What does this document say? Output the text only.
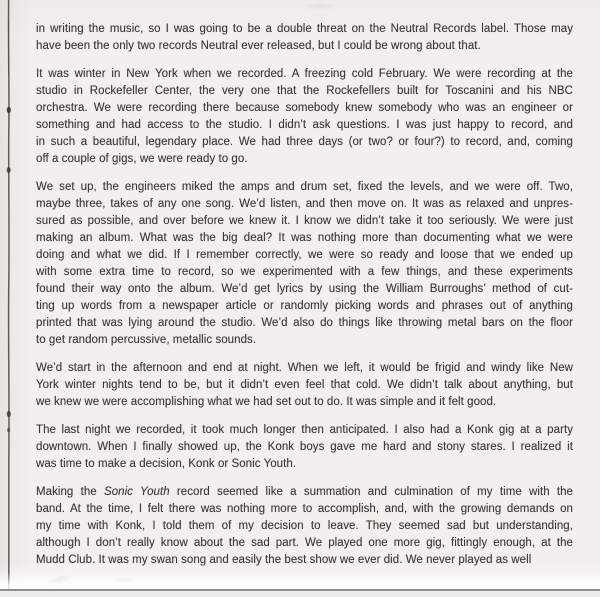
in writing the music, so I was going to be a double threat on the Neutral Records label. Those may
have been the only two records Neutral ever released, but I could be wrong about that.

It was winter in New York when we recorded. A freezing cold February. We were recording at the
studio in Rockefeller Center, the very one that the Rockefellers built for Toscanini and his NBC
orchestra. We were recording there because somebody knew somebody who was an engineer or
something and had access to the studio. I didn’t ask questions. I was just happy to record, and
in such a beautiful, legendary place. We had three days (or two? or four?) to record, and, coming
off a couple of gigs, we were ready to go.

We set up, the engineers miked the amps and drum set, fixed the levels, and we were off. Two,
maybe three, takes of any one song. We’d listen, and then move on. It was as relaxed and unpres-
sured as possible, and over before we knew it. I know we didn’t take it too seriously. We were just
making an album. What was the big deal? It was nothing more than documenting what we were
doing and what we did. If I remember correctly, we were so ready and loose that we ended up
with some extra time to record, so we experimented with a few things, and these experiments
found their way onto the album. We’d get lyrics by using the William Burroughs’ method of cut-
ting up words from a newspaper article or randomly picking words and phrases out of anything
printed that was lying around the studio. We’d also do things like throwing metal bars on the floor
to get random percussive, metallic sounds.

We’d start in the afternoon and end at night. When we left, it would be frigid and windy like New
York winter nights tend to be, but it didn’t even feel that cold. We didn’t talk about anything, but
we knew we were accomplishing what we had set out to do. It was simple and it felt good.

The last night we recorded, it took much longer then anticipated. I also had a Konk gig at a party
downtown. When I finally showed up, the Konk boys gave me hard and stony stares. I realized it
was time to make a decision, Konk or Sonic Youth.

Making the Sonic Youth record seemed like a summation and culmination of my time with the
band. At the time, I felt there was nothing more to accomplish, and, with the growing demands on
my time with Konk, I told them of my decision to leave. They seemed sad but understanding,
although I don’t really know about the sad part. We played one more gig, fittingly enough, at the
Mudd Club. It was my swan song and easily the best show we ever did. We never played as well
